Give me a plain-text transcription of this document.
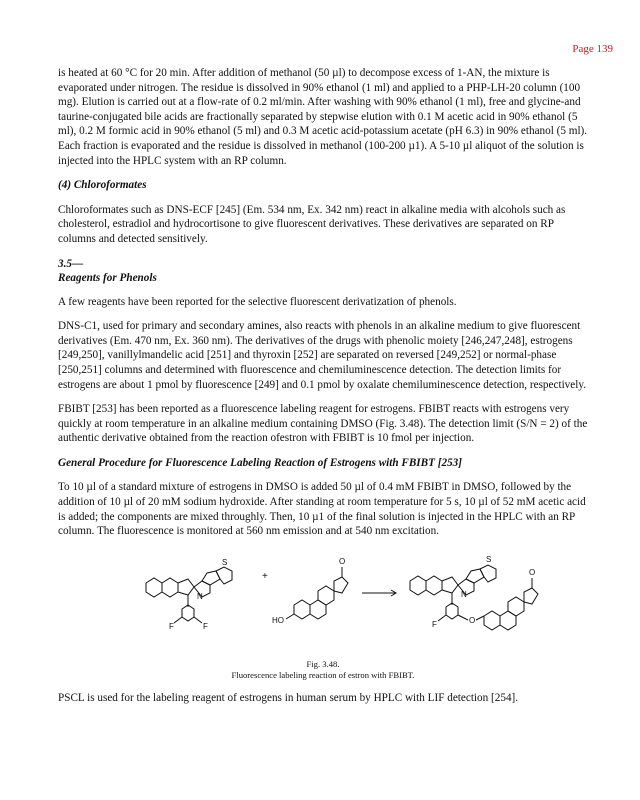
Page 139

is heated at 60 °C for 20 min. After addition of methanol (50 µl) to decompose excess of 1-AN, the mixture is evaporated under nitrogen. The residue is dissolved in 90% ethanol (1 ml) and applied to a PHP-LH-20 column (100 mg). Elution is carried out at a flow-rate of 0.2 ml/min. After washing with 90% ethanol (1 ml), free and glycine-and taurine-conjugated bile acids are fractionally separated by stepwise elution with 0.1 M acetic acid in 90% ethanol (5 ml), 0.2 M formic acid in 90% ethanol (5 ml) and 0.3 M acetic acid-potassium acetate (pH 6.3) in 90% ethanol (5 ml). Each fraction is evaporated and the residue is dissolved in methanol (100-200 µ1). A 5-10 µl aliquot of the solution is injected into the HPLC system with an RP column.

(4) Chloroformates

Chloroformates such as DNS-ECF [245] (Em. 534 nm, Ex. 342 nm) react in alkaline media with alcohols such as cholesterol, estradiol and hydrocortisone to give fluorescent derivatives. These derivatives are separated on RP columns and detected sensitively.

3.5—
Reagents for Phenols

A few reagents have been reported for the selective fluorescent derivatization of phenols.

DNS-C1, used for primary and secondary amines, also reacts with phenols in an alkaline medium to give fluorescent derivatives (Em. 470 nm, Ex. 360 nm). The derivatives of the drugs with phenolic moiety [246,247,248], estrogens [249,250], vanillylmandelic acid [251] and thyroxin [252] are separated on reversed [249,252] or normal-phase [250,251] columns and determined with fluorescence and chemiluminescence detection. The detection limits for estrogens are about 1 pmol by fluorescence [249] and 0.1 pmol by oxalate chemiluminescence detection, respectively.

FBIBT [253] has been reported as a fluorescence labeling reagent for estrogens. FBIBT reacts with estrogens very quickly at room temperature in an alkaline medium containing DMSO (Fig. 3.48). The detection limit (S/N = 2) of the authentic derivative obtained from the reaction ofestron with FBIBT is 10 fmol per injection.

General Procedure for Fluorescence Labeling Reaction of Estrogens with FBIBT [253]

To 10 µl of a standard mixture of estrogens in DMSO is added 50 µl of 0.4 mM FBIBT in DMSO, followed by the addition of 10 µl of 20 mM sodium hydroxide. After standing at room temperature for 5 s, 10 µl of 52 mM acetic acid is added; the components are mixed throughly. Then, 10 µ1 of the final solution is injected in the HPLC with an RP column. The fluorescence is monitored at 560 nm emission and at 540 nm excitation.

S
N
F	F
+
O
HO
S
N
F	O
O
Fig. 3.48.
Fluorescence labeling reaction of estron with FBIBT.

PSCL is used for the labeling reagent of estrogens in human serum by HPLC with LIF detection [254].
